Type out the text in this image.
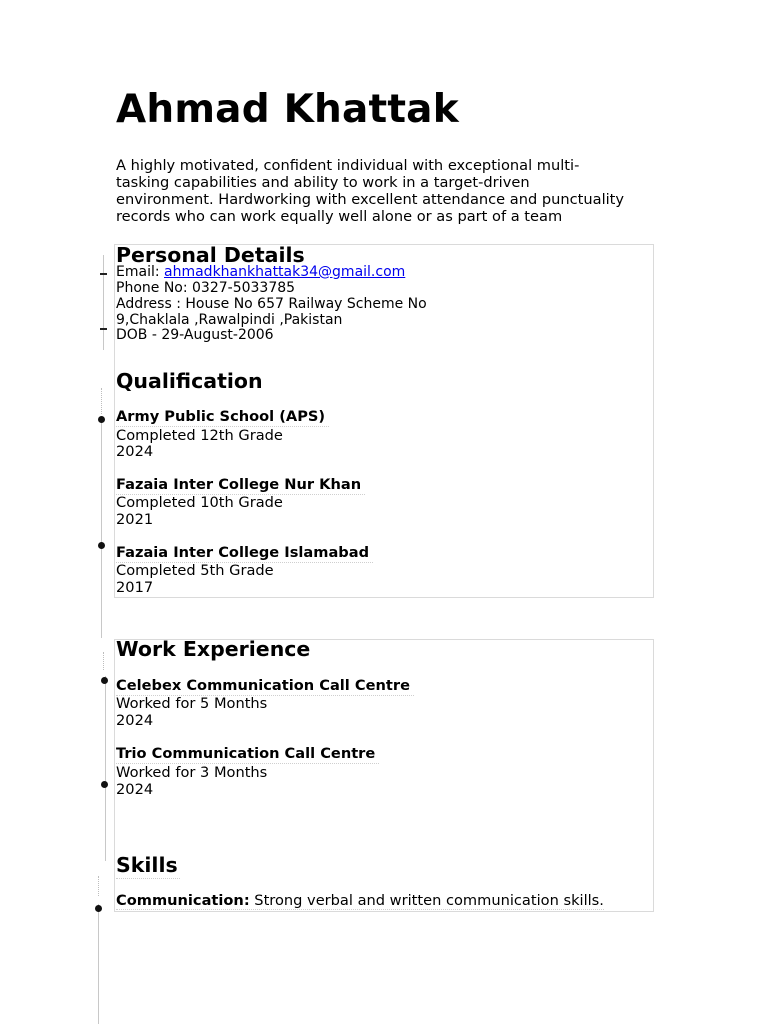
Ahmad Khattak
A highly motivated, confident individual with exceptional multi-tasking capabilities and ability to work in a target-driven environment. Hardworking with excellent attendance and punctuality records who can work equally well alone or as part of a team
Personal Details
Email: ahmadkhankhattak34@gmail.com
Phone No: 0327-5033785
Address : House No 657 Railway Scheme No
9,Chaklala ,Rawalpindi ,Pakistan
DOB - 29-August-2006
Qualification
Army Public School (APS)
Completed 12th Grade
2024
Fazaia Inter College Nur Khan
Completed 10th Grade
2021
Fazaia Inter College Islamabad
Completed 5th Grade
2017
Work Experience
Celebex Communication Call Centre
Worked for 5 Months
2024
Trio Communication Call Centre
Worked for 3 Months
2024
Skills
Communication: Strong verbal and written communication skills.
